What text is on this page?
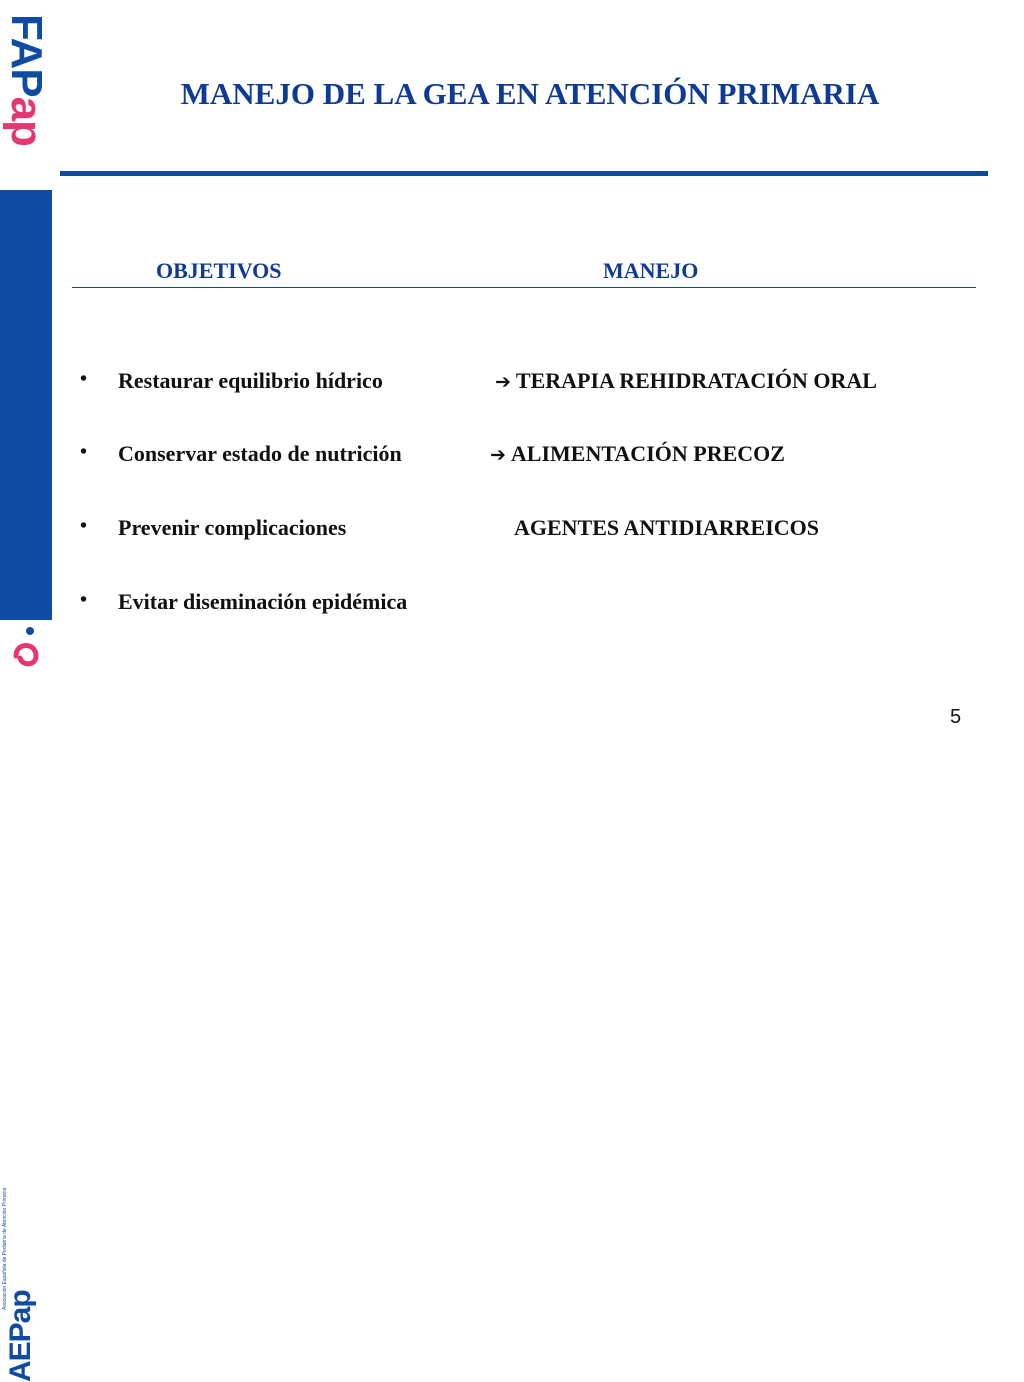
FAPap
Asociación Española de Pediatría de Atención Primaria
AEPap
MANEJO DE LA GEA EN ATENCIÓN PRIMARIA
OBJETIVOS	MANEJO
• Restaurar equilibrio hídrico	➔ TERAPIA REHIDRATACIÓN ORAL
• Conservar estado de nutrición	➔ ALIMENTACIÓN PRECOZ
• Prevenir complicaciones	AGENTES ANTIDIARREICOS
• Evitar diseminación epidémica
5
